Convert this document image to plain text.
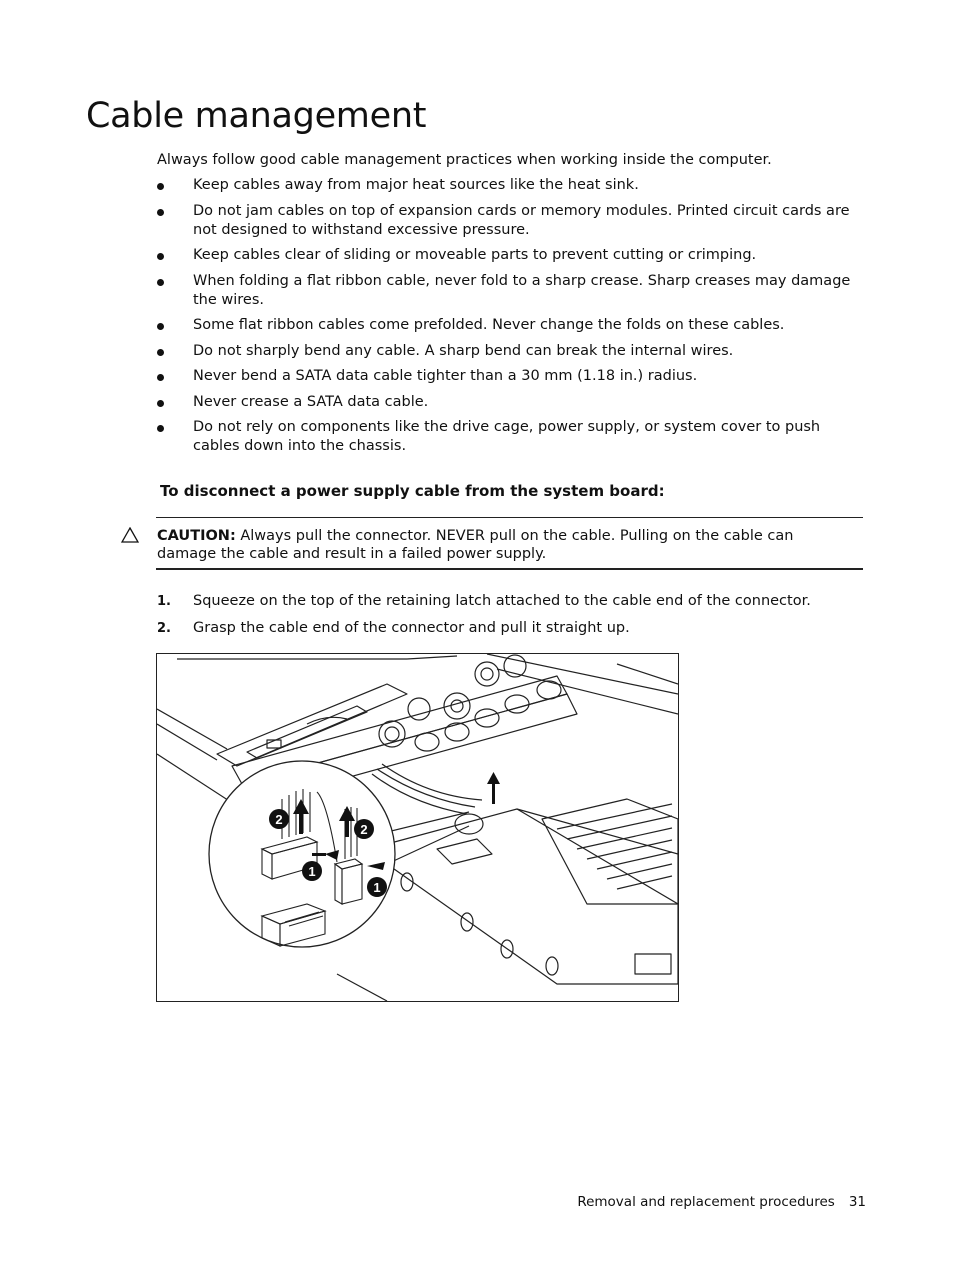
Cable management

Always follow good cable management practices when working inside the computer.

Keep cables away from major heat sources like the heat sink.
Do not jam cables on top of expansion cards or memory modules. Printed circuit cards are not designed to withstand excessive pressure.
Keep cables clear of sliding or moveable parts to prevent cutting or crimping.
When folding a flat ribbon cable, never fold to a sharp crease. Sharp creases may damage the wires.
Some flat ribbon cables come prefolded. Never change the folds on these cables.
Do not sharply bend any cable. A sharp bend can break the internal wires.
Never bend a SATA data cable tighter than a 30 mm (1.18 in.) radius.
Never crease a SATA data cable.
Do not rely on components like the drive cage, power supply, or system cover to push cables down into the chassis.
To disconnect a power supply cable from the system board:

CAUTION: Always pull the connector. NEVER pull on the cable. Pulling on the cable can damage the cable and result in a failed power supply.

1. Squeeze on the top of the retaining latch attached to the cable end of the connector.
2. Grasp the cable end of the connector and pull it straight up.
2
2
1
1

Removal and replacement procedures 31
